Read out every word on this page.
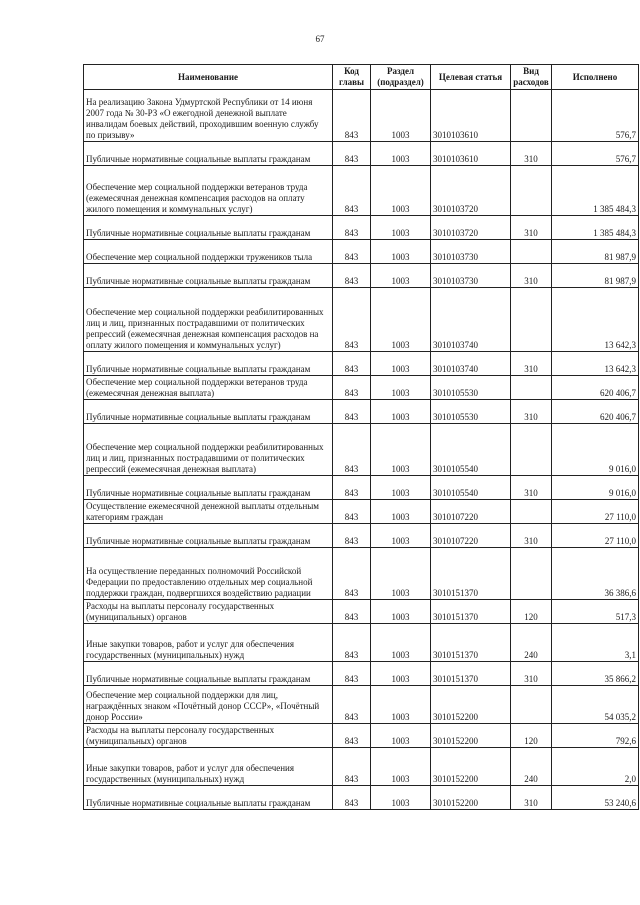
67
Наименование	Код главы	Раздел (подраздел)	Целевая статья	Вид расходов	Исполнено
На реализацию Закона Удмуртской Республики от 14 июня 2007 года № 30-РЗ «О ежегодной денежной выплате инвалидам боевых действий, проходившим военную службу по призыву»	843	1003	3010103610		576,7
Публичные нормативные социальные выплаты гражданам	843	1003	3010103610	310	576,7
Обеспечение мер социальной поддержки ветеранов труда (ежемесячная денежная компенсация расходов на оплату жилого помещения и коммунальных услуг)	843	1003	3010103720		1 385 484,3
Публичные нормативные социальные выплаты гражданам	843	1003	3010103720	310	1 385 484,3
Обеспечение мер социальной поддержки тружеников тыла	843	1003	3010103730		81 987,9
Публичные нормативные социальные выплаты гражданам	843	1003	3010103730	310	81 987,9
Обеспечение мер социальной поддержки реабилитированных лиц и лиц, признанных пострадавшими от политических репрессий (ежемесячная денежная компенсация расходов на оплату жилого помещения и коммунальных услуг)	843	1003	3010103740		13 642,3
Публичные нормативные социальные выплаты гражданам	843	1003	3010103740	310	13 642,3
Обеспечение мер социальной поддержки ветеранов труда (ежемесячная денежная выплата)	843	1003	3010105530		620 406,7
Публичные нормативные социальные выплаты гражданам	843	1003	3010105530	310	620 406,7
Обеспечение мер социальной поддержки реабилитированных лиц и лиц, признанных пострадавшими от политических репрессий (ежемесячная денежная выплата)	843	1003	3010105540		9 016,0
Публичные нормативные социальные выплаты гражданам	843	1003	3010105540	310	9 016,0
Осуществление ежемесячной денежной выплаты отдельным категориям граждан	843	1003	3010107220		27 110,0
Публичные нормативные социальные выплаты гражданам	843	1003	3010107220	310	27 110,0
На осуществление переданных полномочий Российской Федерации по предоставлению отдельных мер социальной поддержки граждан, подвергшихся воздействию радиации	843	1003	3010151370		36 386,6
Расходы на выплаты персоналу государственных (муниципальных) органов	843	1003	3010151370	120	517,3
Иные закупки товаров, работ и услуг для обеспечения государственных (муниципальных) нужд	843	1003	3010151370	240	3,1
Публичные нормативные социальные выплаты гражданам	843	1003	3010151370	310	35 866,2
Обеспечение мер социальной поддержки для лиц, награждённых знаком «Почётный донор СССР», «Почётный донор России»	843	1003	3010152200		54 035,2
Расходы на выплаты персоналу государственных (муниципальных) органов	843	1003	3010152200	120	792,6
Иные закупки товаров, работ и услуг для обеспечения государственных (муниципальных) нужд	843	1003	3010152200	240	2,0
Публичные нормативные социальные выплаты гражданам	843	1003	3010152200	310	53 240,6
